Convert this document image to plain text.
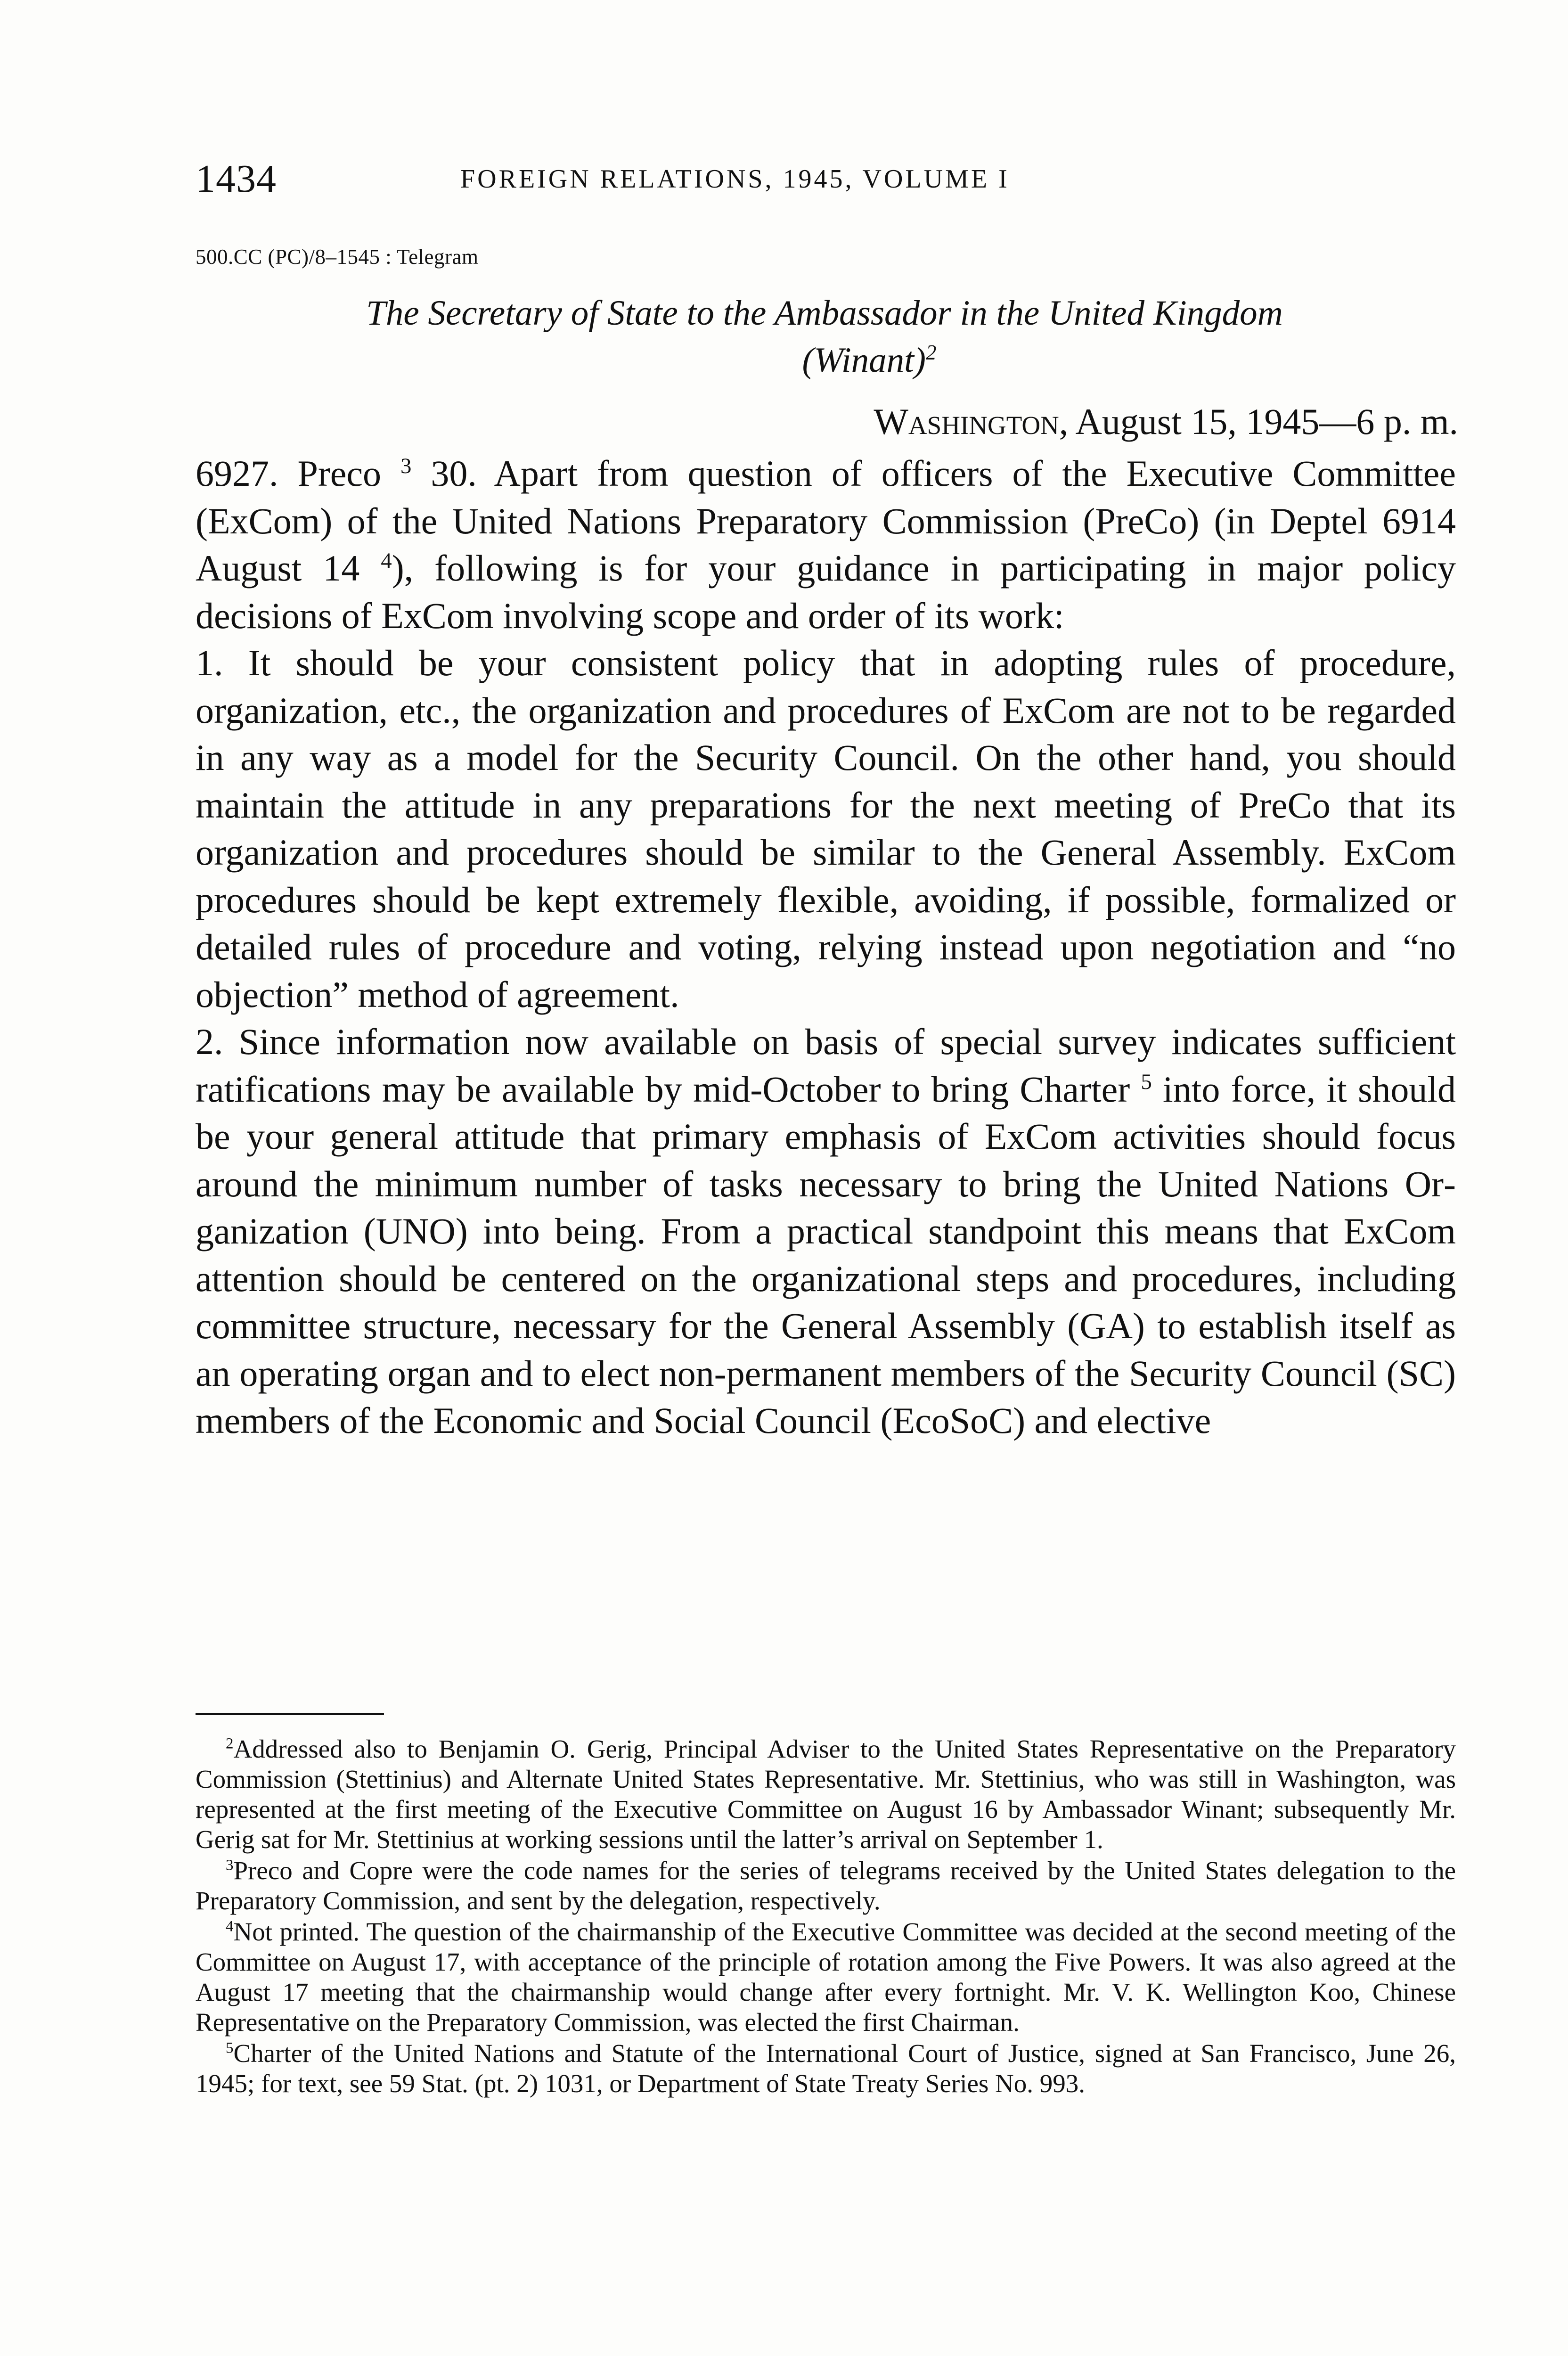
1434	FOREIGN RELATIONS, 1945, VOLUME I
500.CC (PC)/8–1545 : Telegram
The Secretary of State to the Ambassador in the United Kingdom
(Winant)$^2$
Washington, August 15, 1945—6 p. m.

6927. Preco $^3$ 30. Apart from question of officers of the Executive Committee (ExCom) of the United Nations Preparatory Commission (PreCo) (in Deptel 6914 August 14 $^4$), following is for your guidance in participating in major policy decisions of ExCom involving scope and order of its work:

1. It should be your consistent policy that in adopting rules of procedure, organization, etc., the organization and procedures of ExCom are not to be regarded in any way as a model for the Security Council. On the other hand, you should maintain the attitude in any preparations for the next meeting of PreCo that its organization and procedures should be similar to the General Assembly. ExCom procedures should be kept extremely flexible, avoiding, if possible, formalized or detailed rules of procedure and voting, relying instead upon negotiation and “no objection” method of agreement.

2. Since information now available on basis of special survey indicates sufficient ratifications may be available by mid-October to bring Charter $^5$ into force, it should be your general attitude that primary emphasis of ExCom activities should focus around the minimum number of tasks necessary to bring the United Nations Organization (UNO) into being. From a practical standpoint this means that ExCom attention should be centered on the organizational steps and procedures, including committee structure, necessary for the General Assembly (GA) to establish itself as an operating organ and to elect non-permanent members of the Security Council (SC) members of the Economic and Social Council (EcoSoC) and elective

$^2$Addressed also to Benjamin O. Gerig, Principal Adviser to the United States Representative on the Preparatory Commission (Stettinius) and Alternate United States Representative. Mr. Stettinius, who was still in Washington, was represented at the first meeting of the Executive Committee on August 16 by Ambassador Winant; subsequently Mr. Gerig sat for Mr. Stettinius at working sessions until the latter’s arrival on September 1.

$^3$Preco and Copre were the code names for the series of telegrams received by the United States delegation to the Preparatory Commission, and sent by the delegation, respectively.

$^4$Not printed. The question of the chairmanship of the Executive Committee was decided at the second meeting of the Committee on August 17, with acceptance of the principle of rotation among the Five Powers. It was also agreed at the August 17 meeting that the chairmanship would change after every fortnight. Mr. V. K. Wellington Koo, Chinese Representative on the Preparatory Commission, was elected the first Chairman.

$^5$Charter of the United Nations and Statute of the International Court of Justice, signed at San Francisco, June 26, 1945; for text, see 59 Stat. (pt. 2) 1031, or Department of State Treaty Series No. 993.
